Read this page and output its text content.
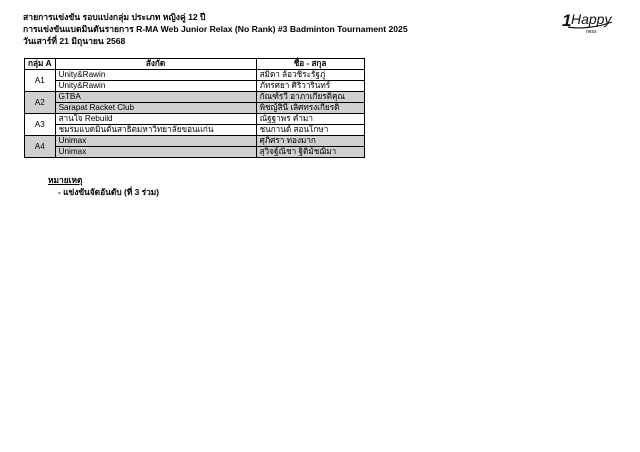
สายการแข่งขัน รอบแบ่งกลุ่ม ประเภท หญิงคู่ 12 ปี
การแข่งขันแบดมินตันรายการ R-MA Web Junior Relax (No Rank) #3 Badminton Tournament 2025
วันเสาร์ที่ 21 มิถุนายน 2568
1 Happy
ness
กลุ่ม A	สังกัด	ชื่อ - สกุล
A1	Unity&Rawin	สมิตา ล้อวชิระรัฐภู่
	Unity&Rawin	ภัทรศยา ศิริวารินทร์
A2	GTBA	กัณฑ์รวี อาภาเกียรติคุณ
	Sarapat Racket Club	พิชญ์สินี เลิศทรงเกียรติ
A3	สานใจ Rebuild	ณัฐฐาพร คำมา
	ชมรมแบดมินตันสาธิตมหาวิทยาลัยขอนแก่น	ชนกานต์ สอนโกษา
A4	Unimax	ศุภิศรา ทองมาก
	Unimax	สุวิจฐ์ณิชา ฐิติมัชฌิมา
หมายเหตุ
- แข่งขันจัดอันดับ (ที่ 3 ร่วม)
